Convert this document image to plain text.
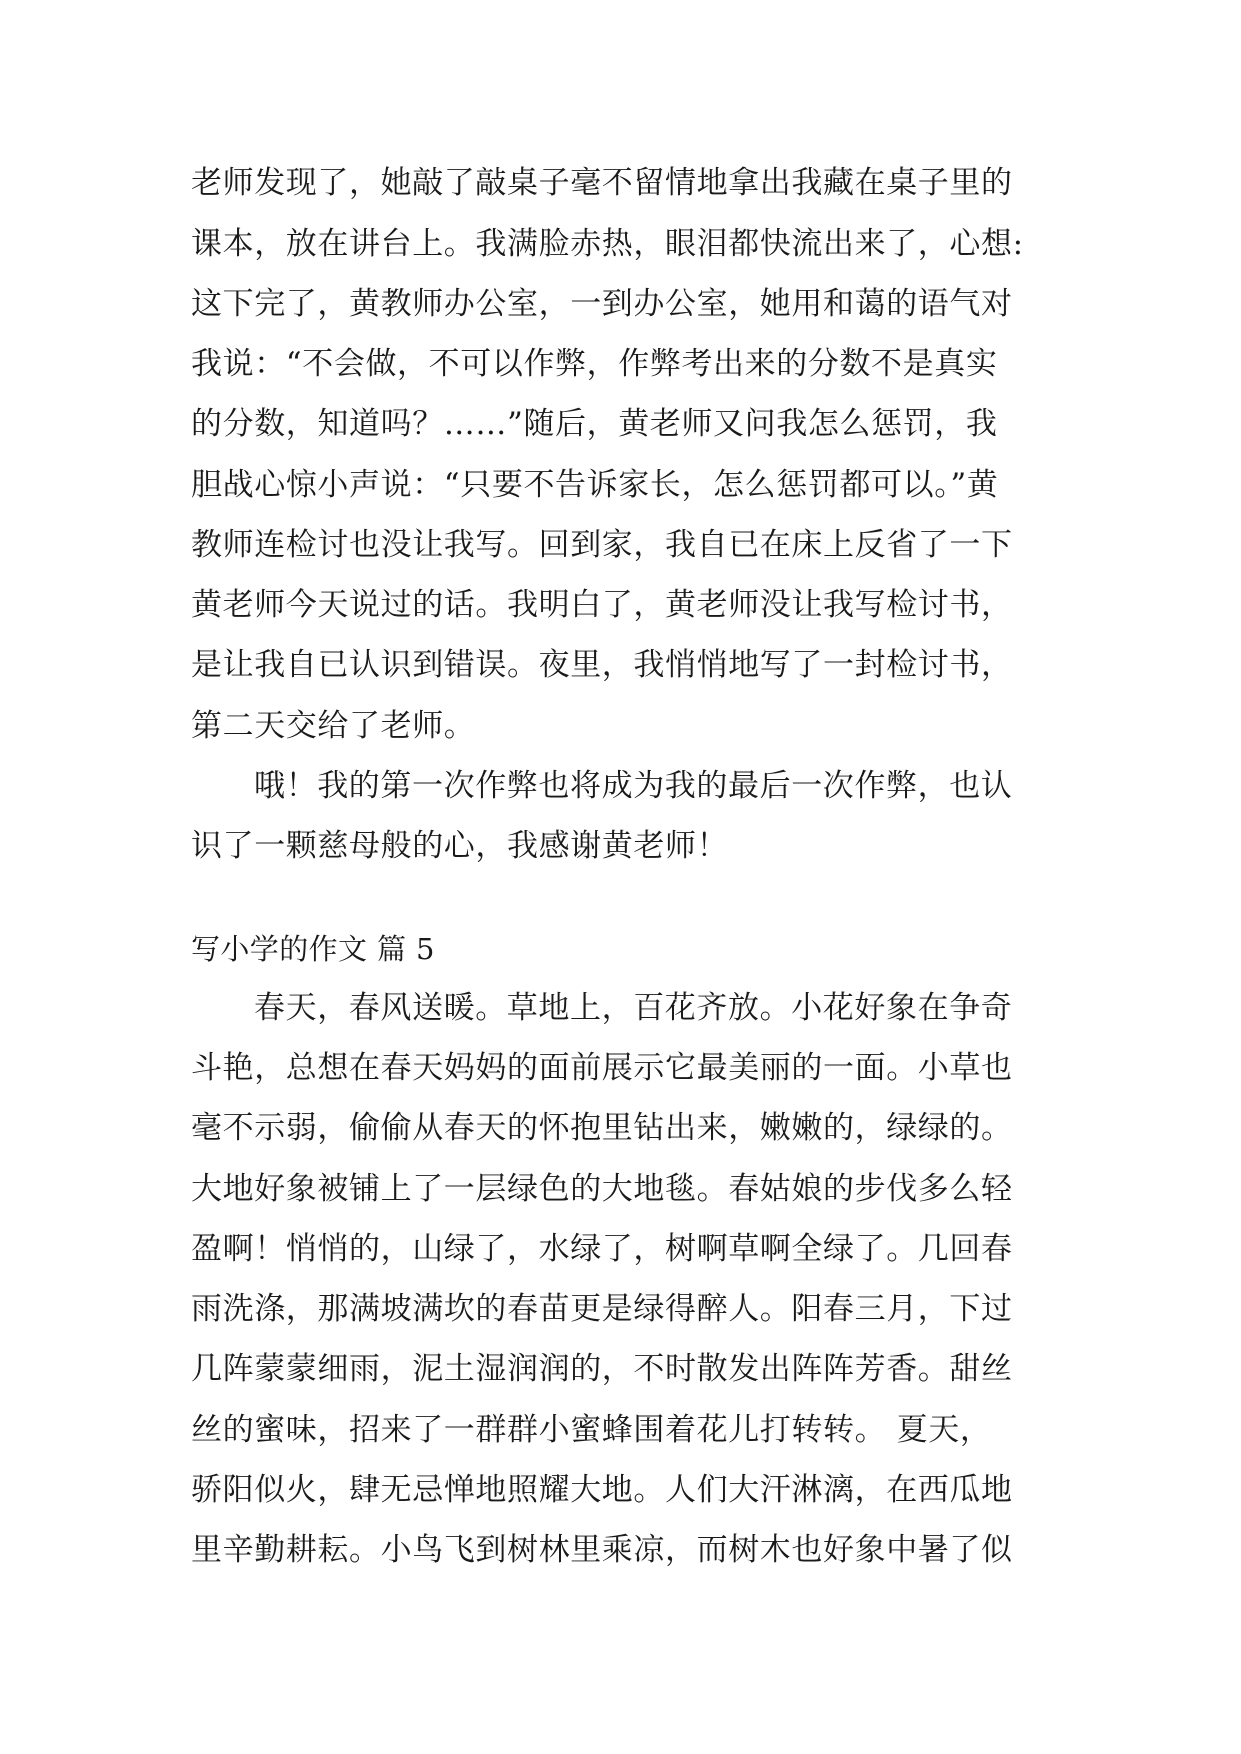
老师发现了，她敲了敲桌子毫不留情地拿出我藏在桌子里的
课本，放在讲台上。我满脸赤热，眼泪都快流出来了，心想:
这下完了，黄教师办公室，一到办公室，她用和蔼的语气对
我说：“不会做，不可以作弊，作弊考出来的分数不是真实
的分数，知道吗？……”随后，黄老师又问我怎么惩罚，我
胆战心惊小声说：“只要不告诉家长，怎么惩罚都可以。”黄
教师连检讨也没让我写。回到家，我自已在床上反省了一下
黄老师今天说过的话。我明白了，黄老师没让我写检讨书，
是让我自已认识到错误。夜里，我悄悄地写了一封检讨书，
第二天交给了老师。
哦！我的第一次作弊也将成为我的最后一次作弊，也认
识了一颗慈母般的心，我感谢黄老师！
写小学的作文 篇 5
春天，春风送暖。草地上，百花齐放。小花好象在争奇
斗艳，总想在春天妈妈的面前展示它最美丽的一面。小草也
毫不示弱，偷偷从春天的怀抱里钻出来，嫩嫩的，绿绿的。
大地好象被铺上了一层绿色的大地毯。春姑娘的步伐多么轻
盈啊！悄悄的，山绿了，水绿了，树啊草啊全绿了。几回春
雨洗涤，那满坡满坎的春苗更是绿得醉人。阳春三月，下过
几阵蒙蒙细雨，泥土湿润润的，不时散发出阵阵芳香。甜丝
丝的蜜味，招来了一群群小蜜蜂围着花儿打转转。 夏天，
骄阳似火，肆无忌惮地照耀大地。人们大汗淋漓，在西瓜地
里辛勤耕耘。小鸟飞到树林里乘凉，而树木也好象中暑了似
